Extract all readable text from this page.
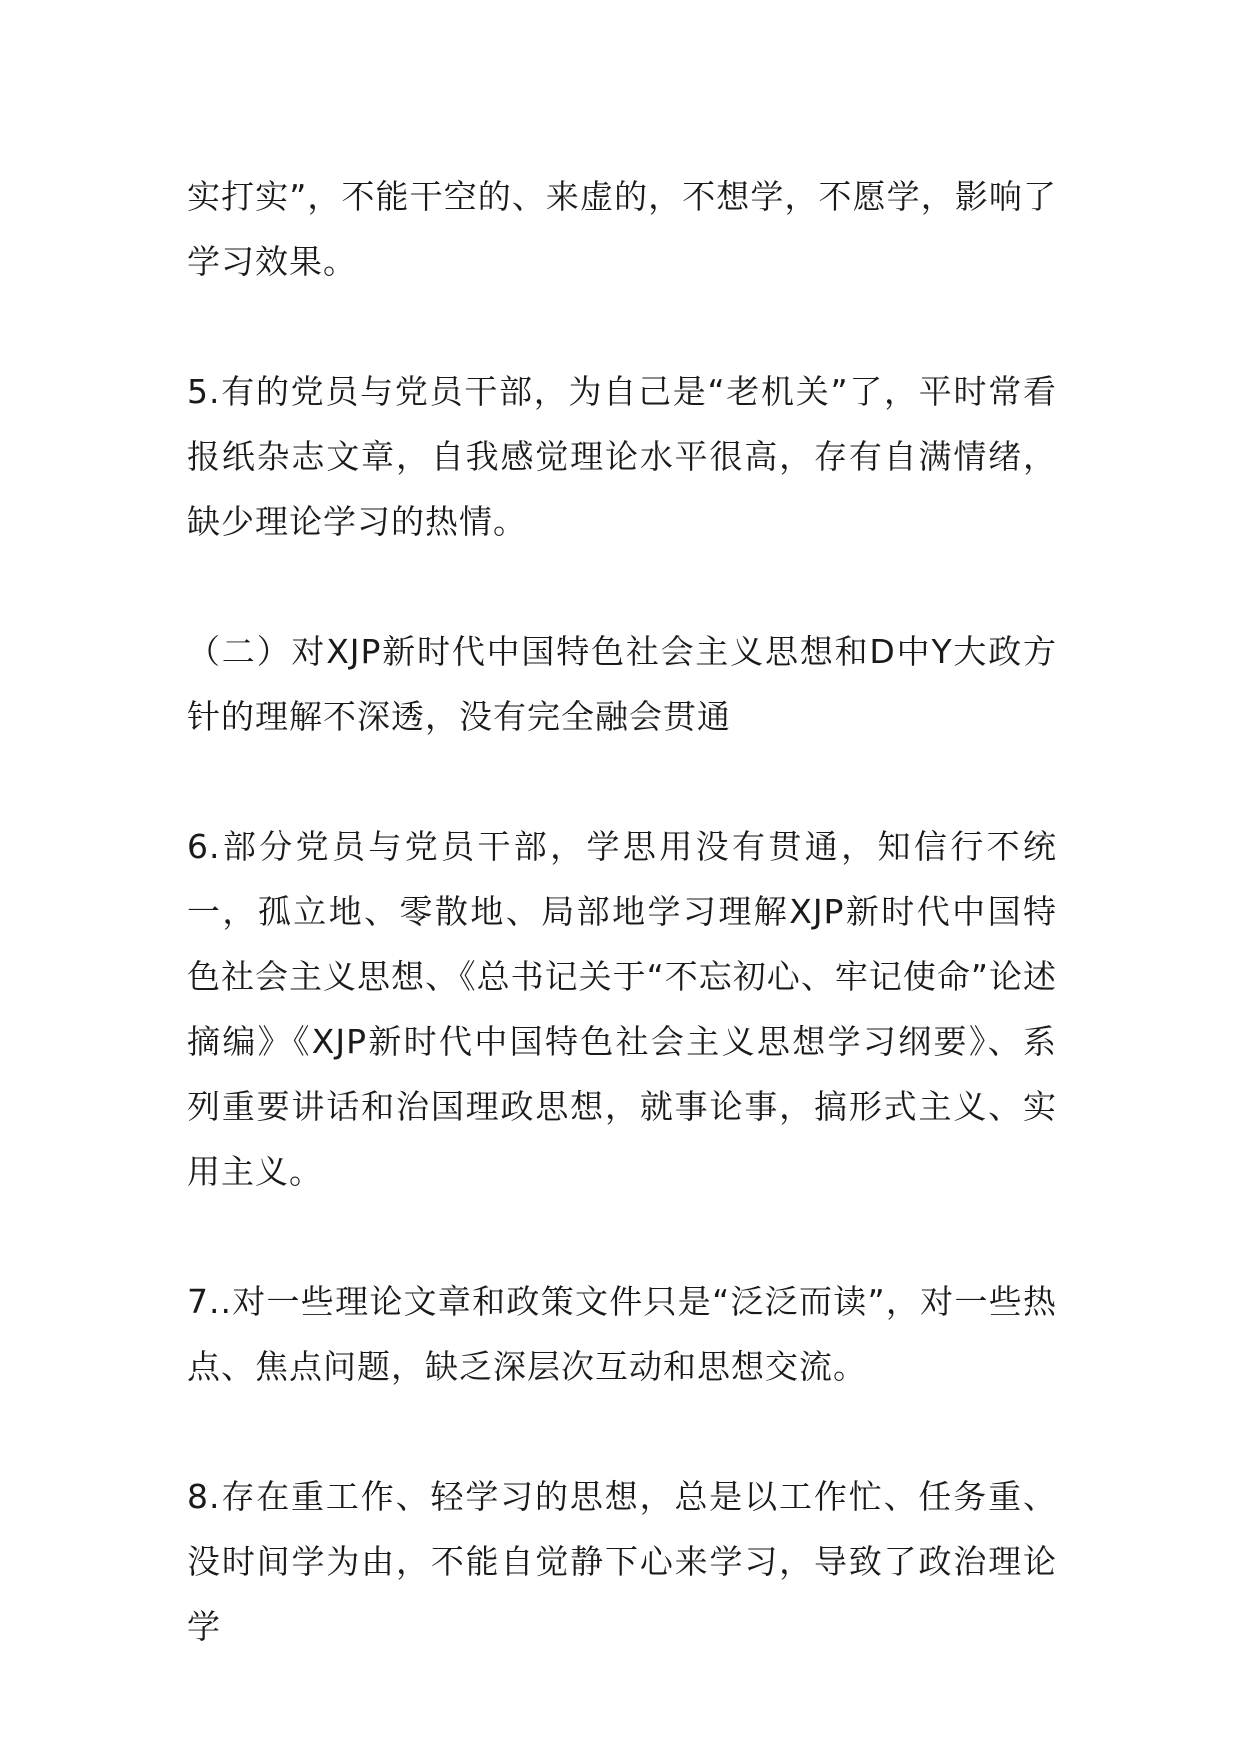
实打实”，不能干空的、来虚的，不想学，不愿学，影响了学习效果。

5.有的党员与党员干部，为自己是“老机关”了，平时常看报纸杂志文章，自我感觉理论水平很高，存有自满情绪，缺少理论学习的热情。

（二）对XJP新时代中国特色社会主义思想和D中Y大政方针的理解不深透，没有完全融会贯通

6.部分党员与党员干部，学思用没有贯通，知信行不统一，孤立地、零散地、局部地学习理解XJP新时代中国特色社会主义思想、《总书记关于“不忘初心、牢记使命”论述摘编》《XJP新时代中国特色社会主义思想学习纲要》、系列重要讲话和治国理政思想，就事论事，搞形式主义、实用主义。

7..对一些理论文章和政策文件只是“泛泛而读”，对一些热点、焦点问题，缺乏深层次互动和思想交流。

8.存在重工作、轻学习的思想，总是以工作忙、任务重、没时间学为由，不能自觉静下心来学习，导致了政治理论学
